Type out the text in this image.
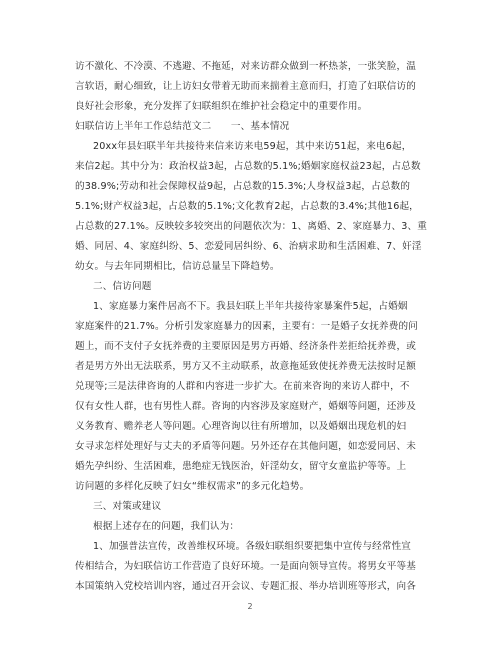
访不激化、不冷漠、不逃避、不拖延，对来访群众做到一杯热茶，一张笑脸，温
言软语，耐心细致，让上访妇女带着无助而来揣着主意而归，打造了妇联信访的
良好社会形象，充分发挥了妇联组织在维护社会稳定中的重要作用。
妇联信访上半年工作总结范文二　　一、基本情况
20xx年县妇联半年共接待来信来访来电59起，其中来访51起，来电6起，
来信2起。其中分为：政治权益3起，占总数的5.1%;婚姻家庭权益23起，占总数
的38.9%;劳动和社会保障权益9起，占总数的15.3%;人身权益3起，占总数的
5.1%;财产权益3起，占总数的5.1%;文化教育2起，占总数的3.4%;其他16起，
占总数的27.1%。反映较多较突出的问题依次为：1、离婚、2、家庭暴力、3、重
婚、同居、4、家庭纠纷、5、恋爱同居纠纷、6、治病求助和生活困难、7、奸淫
幼女。与去年同期相比，信访总量呈下降趋势。
二、信访问题
1、家庭暴力案件居高不下。我县妇联上半年共接待家暴案件5起，占婚姻
家庭案件的21.7%。分析引发家庭暴力的因素，主要有：一是婚子女抚养费的问
题上，而不支付子女抚养费的主要原因是男方再婚、经济条件差拒给抚养费，或
者是男方外出无法联系，男方又不主动联系，故意拖延致使抚养费无法按时足额
兑现等;三是法律咨询的人群和内容进一步扩大。在前来咨询的来访人群中，不
仅有女性人群，也有男性人群。咨询的内容涉及家庭财产，婚姻等问题，还涉及
义务教育、赡养老人等问题。心理咨询以往有所增加，以及婚姻出现危机的妇
女寻求怎样处理好与丈夫的矛盾等问题。另外还存在其他问题，如恋爱同居、未
婚先孕纠纷、生活困难，患绝症无钱医治，奸淫幼女，留守女童监护等等。上
访问题的多样化反映了妇女“维权需求”的多元化趋势。
三、对策或建议
根据上述存在的问题，我们认为：
1、加强普法宣传，改善维权环境。各级妇联组织要把集中宣传与经常性宣
传相结合，为妇联信访工作营造了良好环境。一是面向领导宣传。将男女平等基
本国策纳入党校培训内容，通过召开会议、专题汇报、举办培训班等形式，向各
2
